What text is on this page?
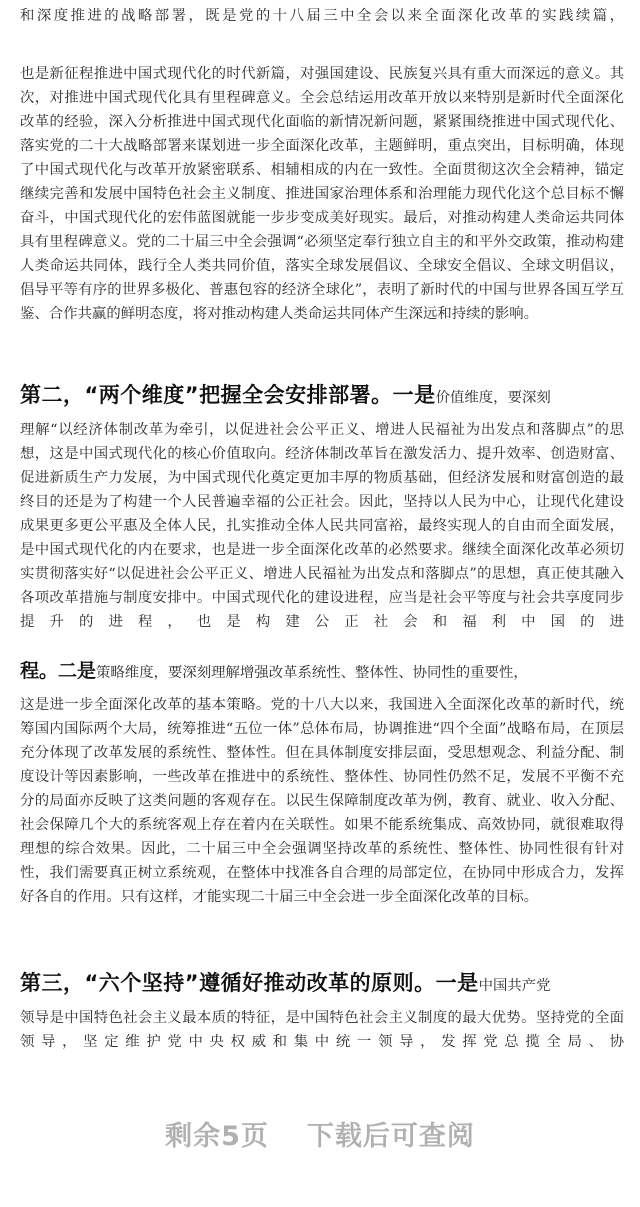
和深度推进的战略部署，既是党的十八届三中全会以来全面深化改革的实践续篇，

也是新征程推进中国式现代化的时代新篇，对强国建设、民族复兴具有重大而深远的意义。其次，对推进中国式现代化具有里程碑意义。全会总结运用改革开放以来特别是新时代全面深化改革的经验，深入分析推进中国式现代化面临的新情况新问题，紧紧围绕推进中国式现代化、落实党的二十大战略部署来谋划进一步全面深化改革，主题鲜明，重点突出，目标明确，体现了中国式现代化与改革开放紧密联系、相辅相成的内在一致性。全面贯彻这次全会精神，锚定继续完善和发展中国特色社会主义制度、推进国家治理体系和治理能力现代化这个总目标不懈奋斗，中国式现代化的宏伟蓝图就能一步步变成美好现实。最后，对推动构建人类命运共同体具有里程碑意义。党的二十届三中全会强调“必须坚定奉行独立自主的和平外交政策，推动构建人类命运共同体，践行全人类共同价值，落实全球发展倡议、全球安全倡议、全球文明倡议，倡导平等有序的世界多极化、普惠包容的经济全球化”，表明了新时代的中国与世界各国互学互鉴、合作共赢的鲜明态度，将对推动构建人类命运共同体产生深远和持续的影响。

第二，“两个维度”把握全会安排部署。一是价值维度，要深刻

理解“以经济体制改革为牵引，以促进社会公平正义、增进人民福祉为出发点和落脚点”的思想，这是中国式现代化的核心价值取向。经济体制改革旨在激发活力、提升效率、创造财富、促进新质生产力发展，为中国式现代化奠定更加丰厚的物质基础，但经济发展和财富创造的最终目的还是为了构建一个人民普遍幸福的公正社会。因此，坚持以人民为中心，让现代化建设成果更多更公平惠及全体人民，扎实推动全体人民共同富裕，最终实现人的自由而全面发展，是中国式现代化的内在要求，也是进一步全面深化改革的必然要求。继续全面深化改革必须切实贯彻落实好“以促进社会公平正义、增进人民福祉为出发点和落脚点”的思想，真正使其融入各项改革措施与制度安排中。中国式现代化的建设进程，应当是社会平等度与社会共享度同步提升的进程，也是构建公正社会和福利中国的进

程。二是策略维度，要深刻理解增强改革系统性、整体性、协同性的重要性，

这是进一步全面深化改革的基本策略。党的十八大以来，我国进入全面深化改革的新时代，统筹国内国际两个大局，统筹推进“五位一体”总体布局，协调推进“四个全面”战略布局，在顶层充分体现了改革发展的系统性、整体性。但在具体制度安排层面，受思想观念、利益分配、制度设计等因素影响，一些改革在推进中的系统性、整体性、协同性仍然不足，发展不平衡不充分的局面亦反映了这类问题的客观存在。以民生保障制度改革为例，教育、就业、收入分配、社会保障几个大的系统客观上存在着内在关联性。如果不能系统集成、高效协同，就很难取得理想的综合效果。因此，二十届三中全会强调坚持改革的系统性、整体性、协同性很有针对性，我们需要真正树立系统观，在整体中找准各自合理的局部定位，在协同中形成合力，发挥好各自的作用。只有这样，才能实现二十届三中全会进一步全面深化改革的目标。

第三，“六个坚持”遵循好推动改革的原则。一是中国共产党

领导是中国特色社会主义最本质的特征，是中国特色社会主义制度的最大优势。坚持党的全面领导，坚定维护党中央权威和集中统一领导，发挥党总揽全局、协

剩余5页 下载后可查阅
